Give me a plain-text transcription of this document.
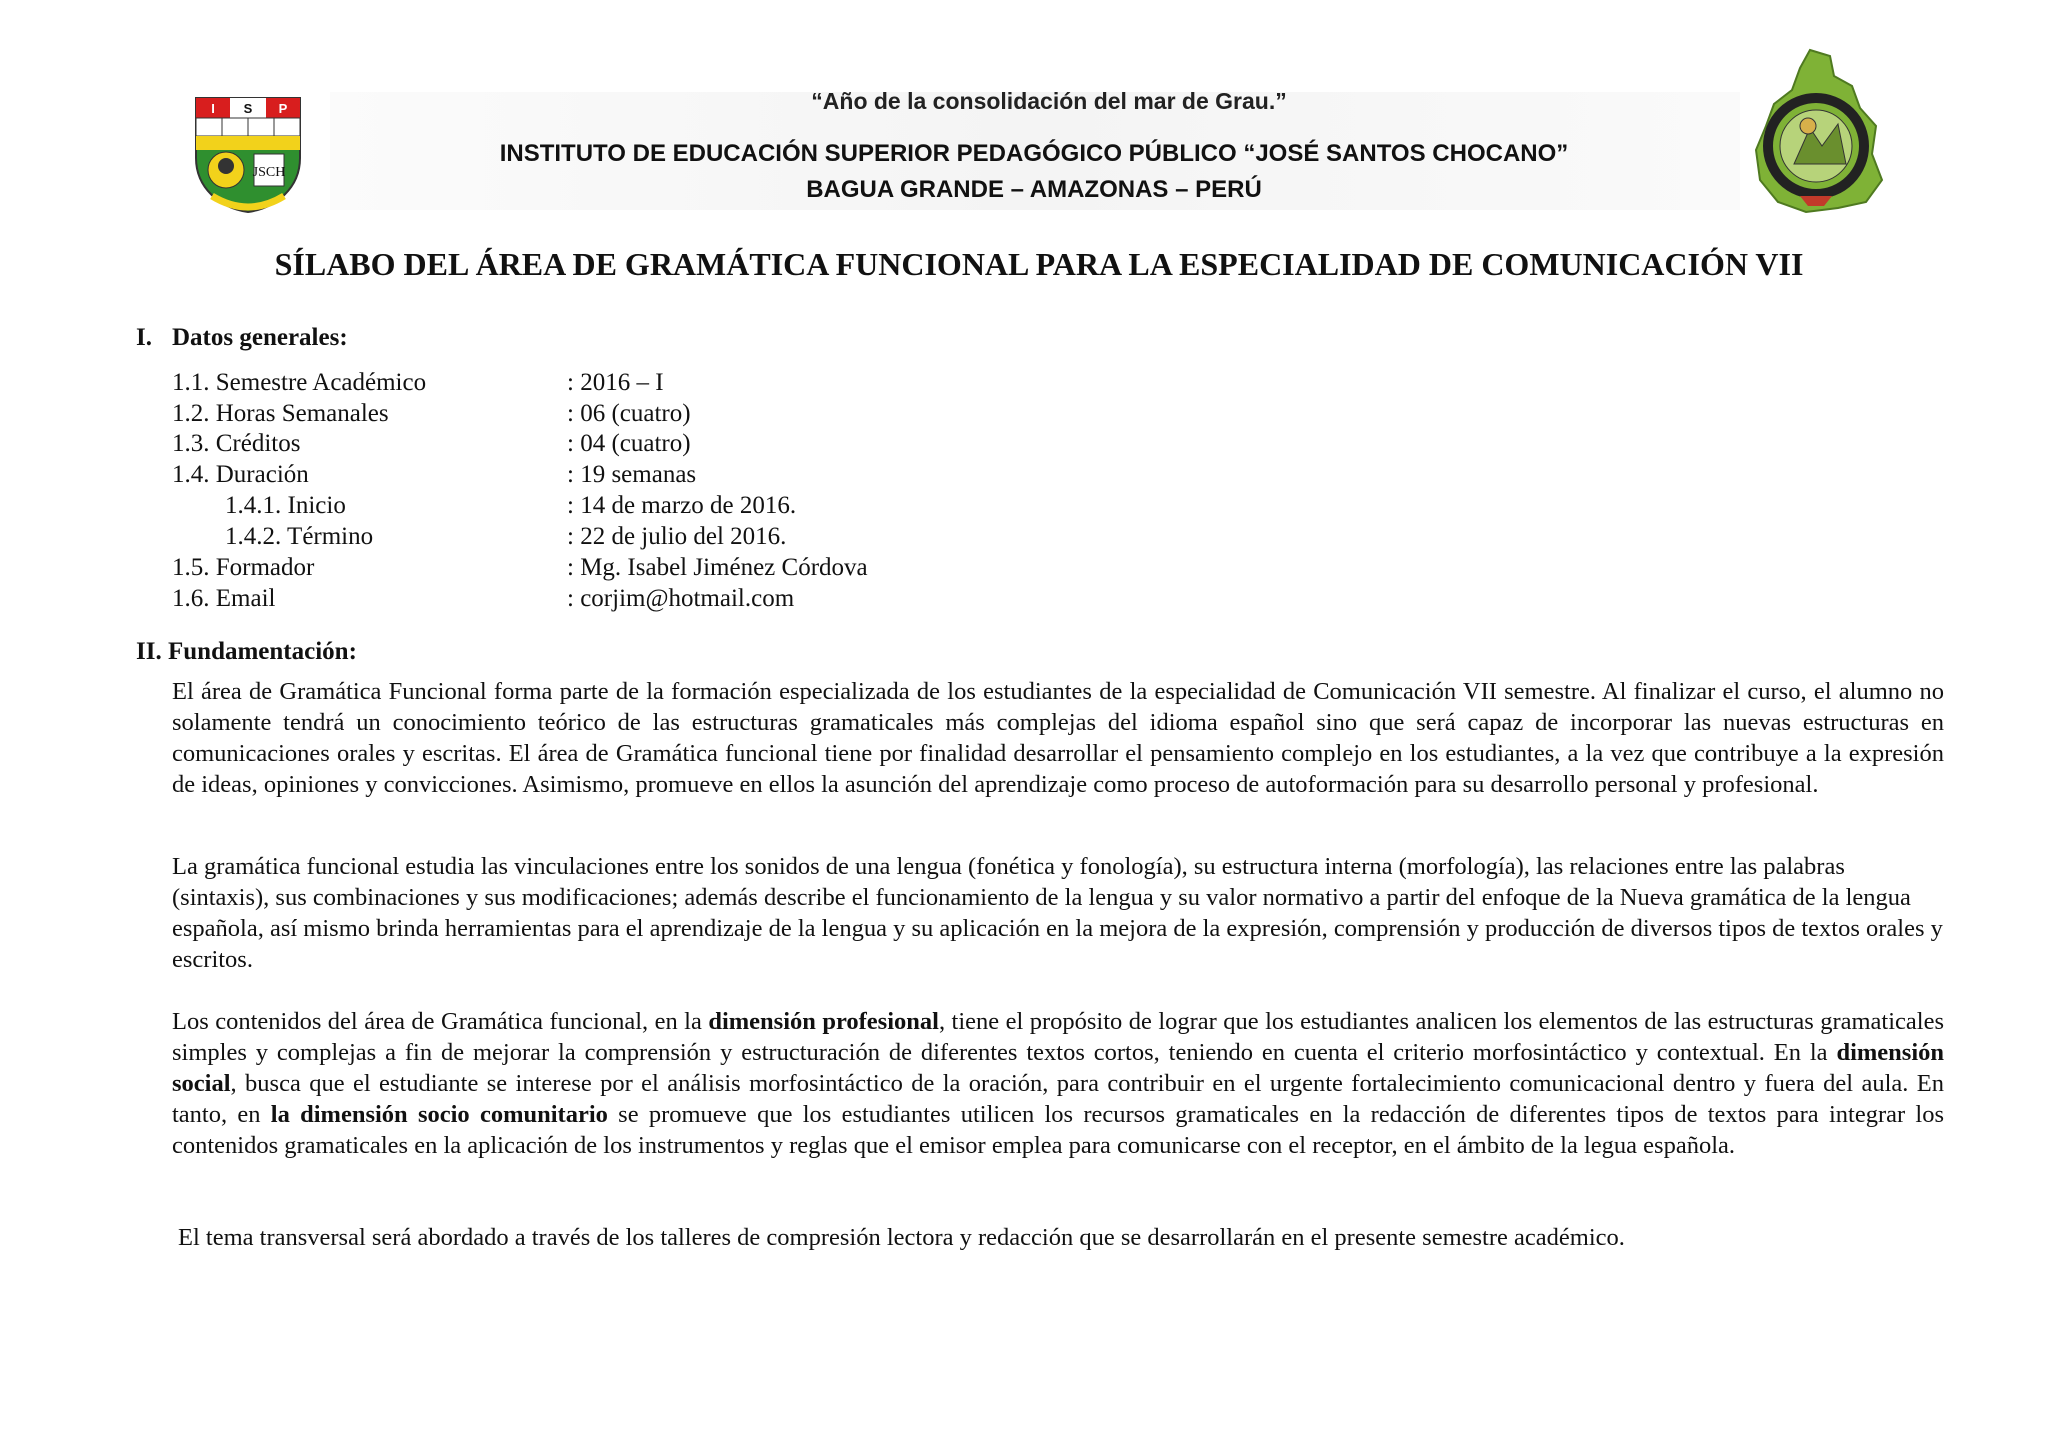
I S P
JSCH
“Año de la consolidación del mar de Grau.”
INSTITUTO DE EDUCACIÓN SUPERIOR PEDAGÓGICO PÚBLICO “JOSÉ SANTOS CHOCANO”
BAGUA GRANDE – AMAZONAS – PERÚ
SÍLABO DEL ÁREA DE GRAMÁTICA FUNCIONAL PARA LA ESPECIALIDAD DE COMUNICACIÓN VII
I. Datos generales:
1.1. Semestre Académico	: 2016 – I
1.2. Horas Semanales	: 06 (cuatro)
1.3. Créditos	: 04 (cuatro)
1.4. Duración	: 19 semanas
1.4.1. Inicio	: 14 de marzo de 2016.
1.4.2. Término	: 22 de julio del 2016.
1.5. Formador	: Mg. Isabel Jiménez Córdova
1.6. Email	: corjim@hotmail.com
II. Fundamentación:

El área de Gramática Funcional forma parte de la formación especializada de los estudiantes de la especialidad de Comunicación VII semestre. Al finalizar el curso, el alumno no solamente tendrá un conocimiento teórico de las estructuras gramaticales más complejas del idioma español sino que será capaz de incorporar las nuevas estructuras en comunicaciones orales y escritas. El área de Gramática funcional tiene por finalidad desarrollar el pensamiento complejo en los estudiantes, a la vez que contribuye a la expresión de ideas, opiniones y convicciones. Asimismo, promueve en ellos la asunción del aprendizaje como proceso de autoformación para su desarrollo personal y profesional.

La gramática funcional estudia las vinculaciones entre los sonidos de una lengua (fonética y fonología), su estructura interna (morfología), las relaciones entre las palabras (sintaxis), sus combinaciones y sus modificaciones; además describe el funcionamiento de la lengua y su valor normativo a partir del enfoque de la Nueva gramática de la lengua española, así mismo brinda herramientas para el aprendizaje de la lengua y su aplicación en la mejora de la expresión, comprensión y producción de diversos tipos de textos orales y escritos.

Los contenidos del área de Gramática funcional, en la dimensión profesional, tiene el propósito de lograr que los estudiantes analicen los elementos de las estructuras gramaticales simples y complejas a fin de mejorar la comprensión y estructuración de diferentes textos cortos, teniendo en cuenta el criterio morfosintáctico y contextual. En la dimensión social, busca que el estudiante se interese por el análisis morfosintáctico de la oración, para contribuir en el urgente fortalecimiento comunicacional dentro y fuera del aula. En tanto, en la dimensión socio comunitario se promueve que los estudiantes utilicen los recursos gramaticales en la redacción de diferentes tipos de textos para integrar los contenidos gramaticales en la aplicación de los instrumentos y reglas que el emisor emplea para comunicarse con el receptor, en el ámbito de la legua española.

El tema transversal será abordado a través de los talleres de compresión lectora y redacción que se desarrollarán en el presente semestre académico.
